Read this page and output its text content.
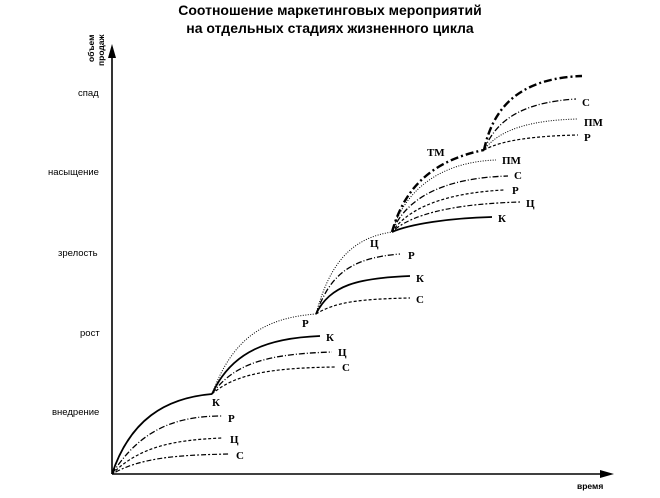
Соотношение маркетинговых мероприятий
на отдельных стадиях жизненного цикла
объем продаж
время
спад
насыщение
зрелость
рост
внедрение
К
Р
Ц
С
Р
К
Ц
С
Ц
Р
К
С
ТМ
ПМ
С
Р
Ц
К
С
ПМ
Р
